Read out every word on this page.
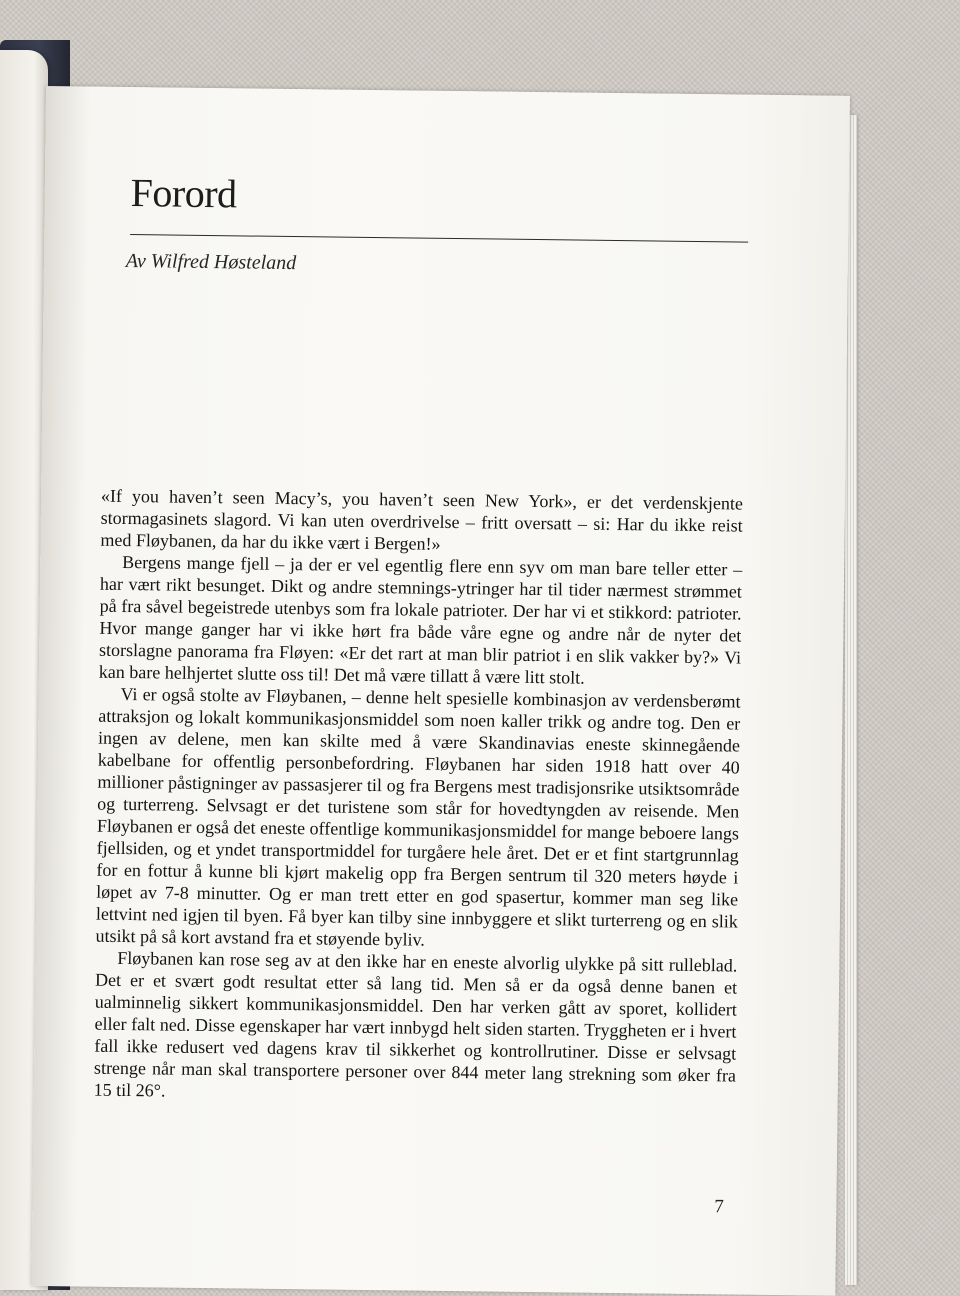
Forord
Av Wilfred Høsteland

«If you haven’t seen Macy’s, you haven’t seen New York», er det verdenskjente stormagasinets slagord. Vi kan uten overdrivelse – fritt oversatt – si: Har du ikke reist med Fløybanen, da har du ikke vært i Bergen!»

Bergens mange fjell – ja der er vel egentlig flere enn syv om man bare teller etter – har vært rikt besunget. Dikt og andre stemnings-ytringer har til tider nærmest strømmet på fra såvel begeistrede utenbys som fra lokale patrioter. Der har vi et stikkord: patrioter. Hvor mange ganger har vi ikke hørt fra både våre egne og andre når de nyter det storslagne panorama fra Fløyen: «Er det rart at man blir patriot i en slik vakker by?» Vi kan bare helhjertet slutte oss til! Det må være tillatt å være litt stolt.

Vi er også stolte av Fløybanen, – denne helt spesielle kombinasjon av verdensberømt attraksjon og lokalt kommunikasjonsmiddel som noen kaller trikk og andre tog. Den er ingen av delene, men kan skilte med å være Skandinavias eneste skinnegående kabelbane for offentlig personbefordring. Fløybanen har siden 1918 hatt over 40 millioner påstigninger av passasjerer til og fra Bergens mest tradisjonsrike utsiktsområde og turterreng. Selvsagt er det turistene som står for hovedtyngden av reisende. Men Fløybanen er også det eneste offentlige kommunikasjonsmiddel for mange beboere langs fjellsiden, og et yndet transportmiddel for turgåere hele året. Det er et fint startgrunnlag for en fottur å kunne bli kjørt makelig opp fra Bergen sentrum til 320 meters høyde i løpet av 7-8 minutter. Og er man trett etter en god spasertur, kommer man seg like lettvint ned igjen til byen. Få byer kan tilby sine innbyggere et slikt turterreng og en slik utsikt på så kort avstand fra et støyende byliv.

Fløybanen kan rose seg av at den ikke har en eneste alvorlig ulykke på sitt rulleblad. Det er et svært godt resultat etter så lang tid. Men så er da også denne banen et ualminnelig sikkert kommunikasjonsmiddel. Den har verken gått av sporet, kollidert eller falt ned. Disse egenskaper har vært innbygd helt siden starten. Tryggheten er i hvert fall ikke redusert ved dagens krav til sikkerhet og kontrollrutiner. Disse er selvsagt strenge når man skal transportere personer over 844 meter lang strekning som øker fra 15 til 26°.

7
